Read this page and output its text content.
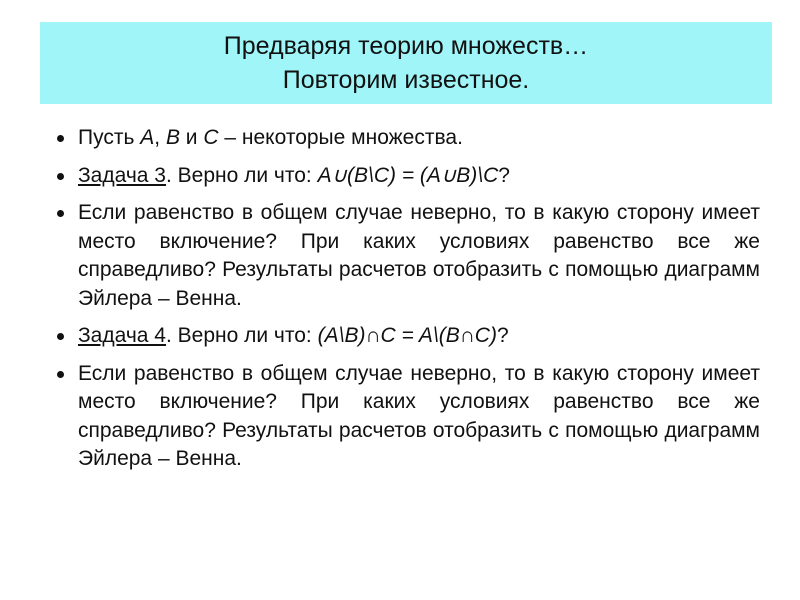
Предваряя теорию множеств…
Повторим известное.
Пусть A, B и C – некоторые множества.
Задача 3. Верно ли что: A∪(B\C) = (A∪B)\C?
Если равенство в общем случае неверно, то в какую сторону имеет место включение? При каких условиях равенство все же справедливо? Результаты расчетов отобразить с помощью диаграмм Эйлера – Венна.
Задача 4. Верно ли что: (A\B)∩C = A\(B∩C)?
Если равенство в общем случае неверно, то в какую сторону имеет место включение? При каких условиях равенство все же справедливо? Результаты расчетов отобразить с помощью диаграмм Эйлера – Венна.
